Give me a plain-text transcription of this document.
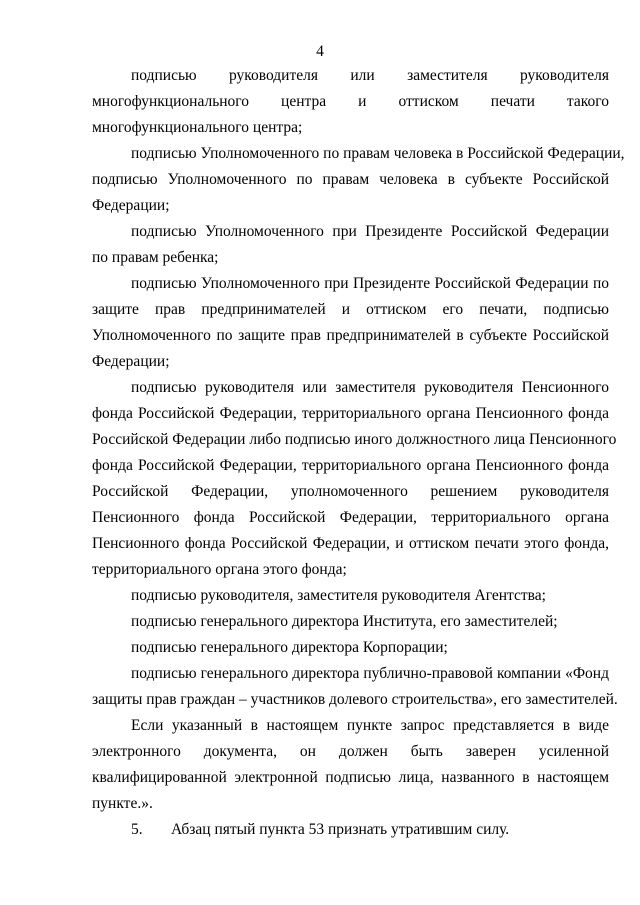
4
подписью руководителя или заместителя руководителя
многофункционального центра и оттиском печати такого
многофункционального центра;
подписью Уполномоченного по правам человека в Российской Федерации,
подписью Уполномоченного по правам человека в субъекте Российской
Федерации;
подписью Уполномоченного при Президенте Российской Федерации
по правам ребенка;
подписью Уполномоченного при Президенте Российской Федерации по
защите прав предпринимателей и оттиском его печати, подписью
Уполномоченного по защите прав предпринимателей в субъекте Российской
Федерации;
подписью руководителя или заместителя руководителя Пенсионного
фонда Российской Федерации, территориального органа Пенсионного фонда
Российской Федерации либо подписью иного должностного лица Пенсионного
фонда Российской Федерации, территориального органа Пенсионного фонда
Российской Федерации, уполномоченного решением руководителя
Пенсионного фонда Российской Федерации, территориального органа
Пенсионного фонда Российской Федерации, и оттиском печати этого фонда,
территориального органа этого фонда;
подписью руководителя, заместителя руководителя Агентства;
подписью генерального директора Института, его заместителей;
подписью генерального директора Корпорации;
подписью генерального директора публично-правовой компании «Фонд
защиты прав граждан – участников долевого строительства», его заместителей.
Если указанный в настоящем пункте запрос представляется в виде
электронного документа, он должен быть заверен усиленной
квалифицированной электронной подписью лица, названного в настоящем
пункте.».
5. Абзац пятый пункта 53 признать утратившим силу.
